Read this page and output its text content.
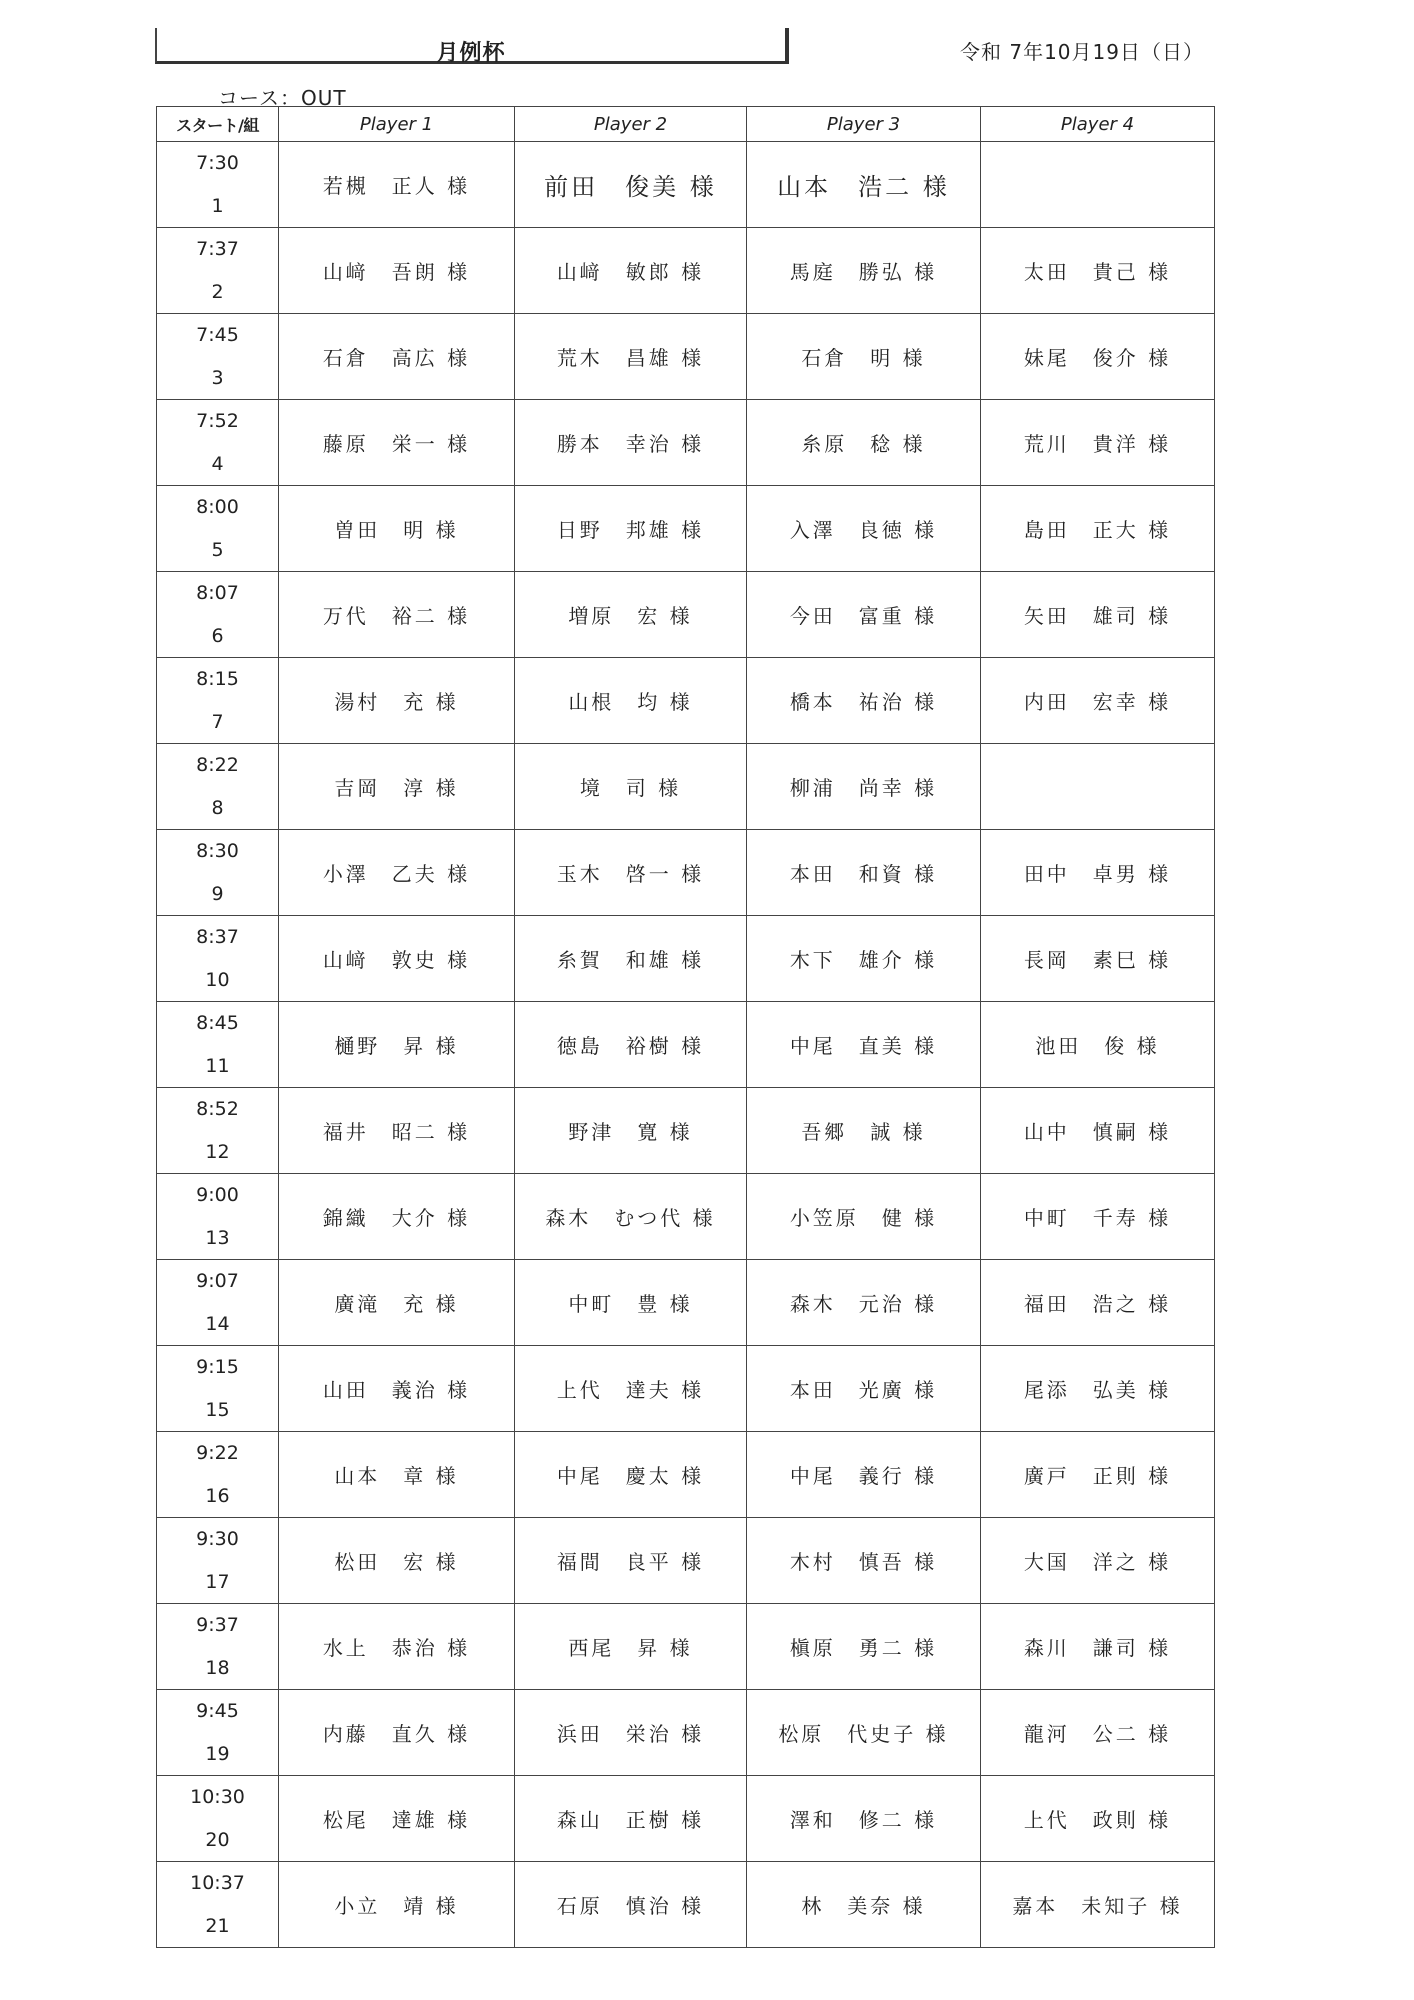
月例杯	令和 7年10月19日（日）
コース：OUT
スタート/組	Player 1	Player 2	Player 3	Player 4

7:30
1	若槻　正人 様	前田　俊美 様	山本　浩二 様	

7:37
2	山﨑　吾朗 様	山﨑　敏郎 様	馬庭　勝弘 様	太田　貴己 様

7:45
3	石倉　高広 様	荒木　昌雄 様	石倉　明 様	妹尾　俊介 様

7:52
4	藤原　栄一 様	勝本　幸治 様	糸原　稔 様	荒川　貴洋 様

8:00
5	曽田　明 様	日野　邦雄 様	入澤　良徳 様	島田　正大 様

8:07
6	万代　裕二 様	増原　宏 様	今田　富重 様	矢田　雄司 様

8:15
7	湯村　充 様	山根　均 様	橋本　祐治 様	内田　宏幸 様

8:22
8	吉岡　淳 様	境　司 様	柳浦　尚幸 様	

8:30
9	小澤　乙夫 様	玉木　啓一 様	本田　和資 様	田中　卓男 様

8:37
10	山﨑　敦史 様	糸賀　和雄 様	木下　雄介 様	長岡　素巳 様

8:45
11	樋野　昇 様	徳島　裕樹 様	中尾　直美 様	池田　俊 様

8:52
12	福井　昭二 様	野津　寛 様	吾郷　誠 様	山中　慎嗣 様

9:00
13	錦織　大介 様	森木　むつ代 様	小笠原　健 様	中町　千寿 様

9:07
14	廣滝　充 様	中町　豊 様	森木　元治 様	福田　浩之 様

9:15
15	山田　義治 様	上代　達夫 様	本田　光廣 様	尾添　弘美 様

9:22
16	山本　章 様	中尾　慶太 様	中尾　義行 様	廣戸　正則 様

9:30
17	松田　宏 様	福間　良平 様	木村　慎吾 様	大国　洋之 様

9:37
18	水上　恭治 様	西尾　昇 様	槇原　勇二 様	森川　謙司 様

9:45
19	内藤　直久 様	浜田　栄治 様	松原　代史子 様	龍河　公二 様

10:30
20	松尾　達雄 様	森山　正樹 様	澤和　修二 様	上代　政則 様

10:37
21	小立　靖 様	石原　慎治 様	林　美奈 様	嘉本　未知子 様
